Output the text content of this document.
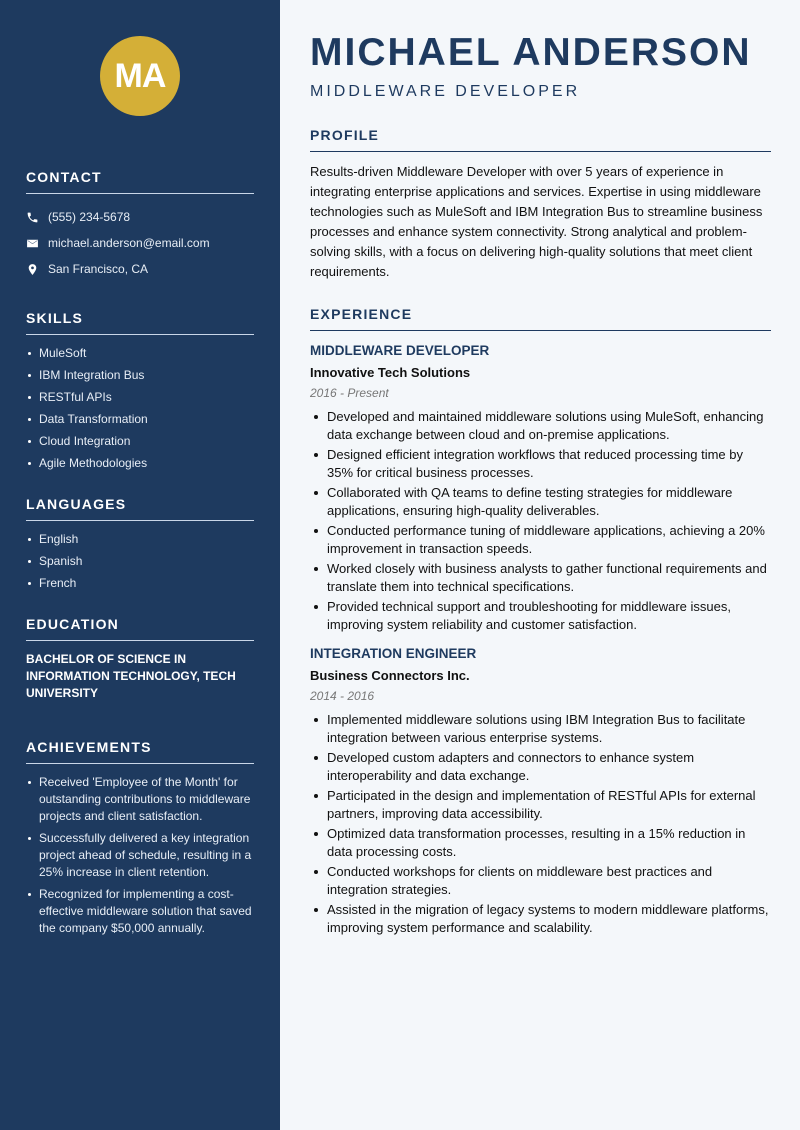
MA
CONTACT
(555) 234-5678
michael.anderson@email.com
San Francisco, CA
SKILLS
MuleSoft
IBM Integration Bus
RESTful APIs
Data Transformation
Cloud Integration
Agile Methodologies
LANGUAGES
English
Spanish
French
EDUCATION
BACHELOR OF SCIENCE IN INFORMATION TECHNOLOGY, TECH UNIVERSITY
ACHIEVEMENTS
Received 'Employee of the Month' for outstanding contributions to middleware projects and client satisfaction.
Successfully delivered a key integration project ahead of schedule, resulting in a 25% increase in client retention.
Recognized for implementing a cost-effective middleware solution that saved the company $50,000 annually.
MICHAEL ANDERSON
MIDDLEWARE DEVELOPER
PROFILE
Results-driven Middleware Developer with over 5 years of experience in integrating enterprise applications and services. Expertise in using middleware technologies such as MuleSoft and IBM Integration Bus to streamline business processes and enhance system connectivity. Strong analytical and problem-solving skills, with a focus on delivering high-quality solutions that meet client requirements.
EXPERIENCE
MIDDLEWARE DEVELOPER
Innovative Tech Solutions
2016 - Present
Developed and maintained middleware solutions using MuleSoft, enhancing data exchange between cloud and on-premise applications.
Designed efficient integration workflows that reduced processing time by 35% for critical business processes.
Collaborated with QA teams to define testing strategies for middleware applications, ensuring high-quality deliverables.
Conducted performance tuning of middleware applications, achieving a 20% improvement in transaction speeds.
Worked closely with business analysts to gather functional requirements and translate them into technical specifications.
Provided technical support and troubleshooting for middleware issues, improving system reliability and customer satisfaction.
INTEGRATION ENGINEER
Business Connectors Inc.
2014 - 2016
Implemented middleware solutions using IBM Integration Bus to facilitate integration between various enterprise systems.
Developed custom adapters and connectors to enhance system interoperability and data exchange.
Participated in the design and implementation of RESTful APIs for external partners, improving data accessibility.
Optimized data transformation processes, resulting in a 15% reduction in data processing costs.
Conducted workshops for clients on middleware best practices and integration strategies.
Assisted in the migration of legacy systems to modern middleware platforms, improving system performance and scalability.
